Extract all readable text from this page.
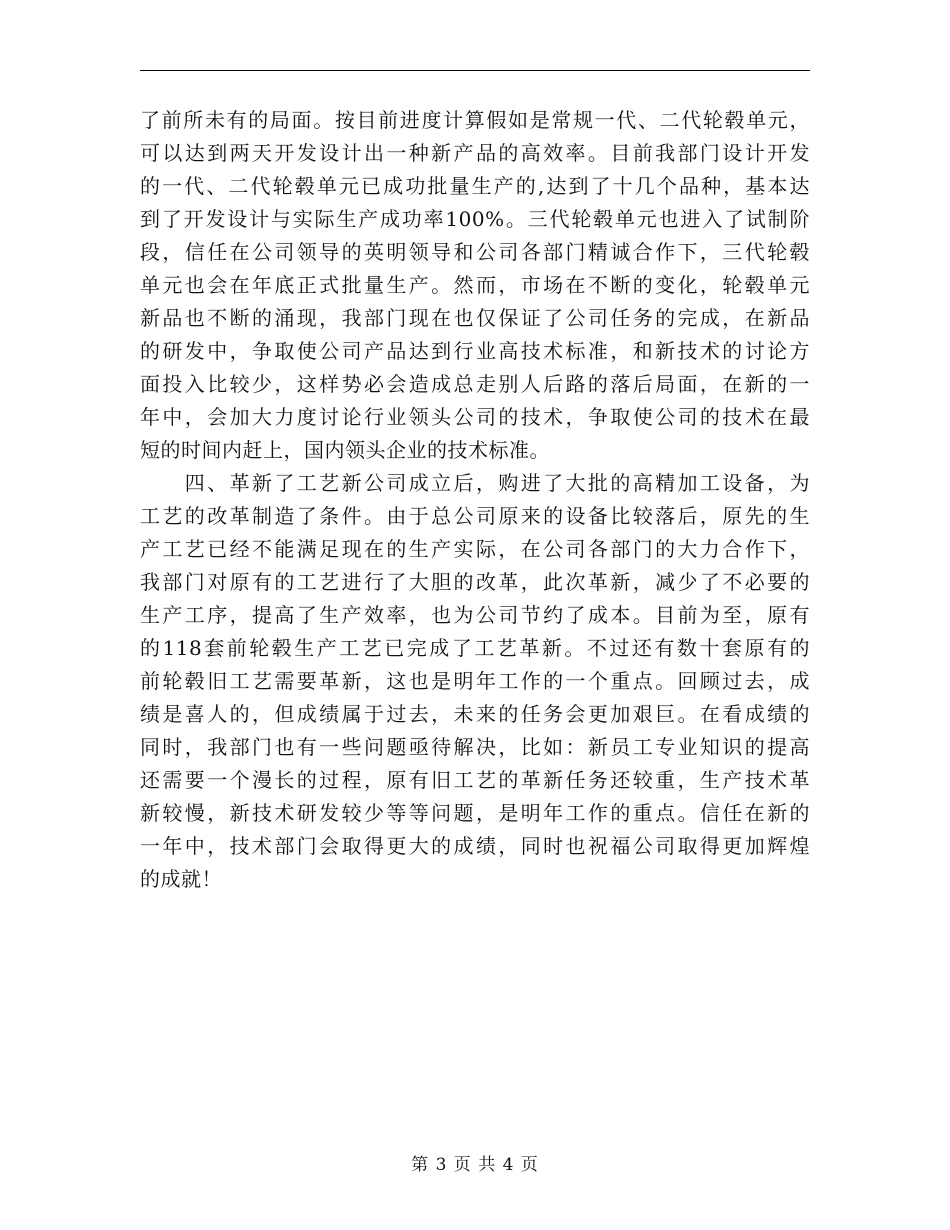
了前所未有的局面。按目前进度计算假如是常规一代、二代轮毂单元，
可以达到两天开发设计出一种新产品的高效率。目前我部门设计开发
的一代、二代轮毂单元已成功批量生产的,达到了十几个品种，基本达
到了开发设计与实际生产成功率100%。三代轮毂单元也进入了试制阶
段，信任在公司领导的英明领导和公司各部门精诚合作下，三代轮毂
单元也会在年底正式批量生产。然而，市场在不断的变化，轮毂单元
新品也不断的涌现，我部门现在也仅保证了公司任务的完成，在新品
的研发中，争取使公司产品达到行业高技术标准，和新技术的讨论方
面投入比较少，这样势必会造成总走别人后路的落后局面，在新的一
年中，会加大力度讨论行业领头公司的技术，争取使公司的技术在最
短的时间内赶上，国内领头企业的技术标准。
　　四、革新了工艺新公司成立后，购进了大批的高精加工设备，为
工艺的改革制造了条件。由于总公司原来的设备比较落后，原先的生
产工艺已经不能满足现在的生产实际，在公司各部门的大力合作下，
我部门对原有的工艺进行了大胆的改革，此次革新，减少了不必要的
生产工序，提高了生产效率，也为公司节约了成本。目前为至，原有
的118套前轮毂生产工艺已完成了工艺革新。不过还有数十套原有的
前轮毂旧工艺需要革新，这也是明年工作的一个重点。回顾过去，成
绩是喜人的，但成绩属于过去，未来的任务会更加艰巨。在看成绩的
同时，我部门也有一些问题亟待解决，比如：新员工专业知识的提高
还需要一个漫长的过程，原有旧工艺的革新任务还较重，生产技术革
新较慢，新技术研发较少等等问题，是明年工作的重点。信任在新的
一年中，技术部门会取得更大的成绩，同时也祝福公司取得更加辉煌
的成就！
第 3 页 共 4 页
